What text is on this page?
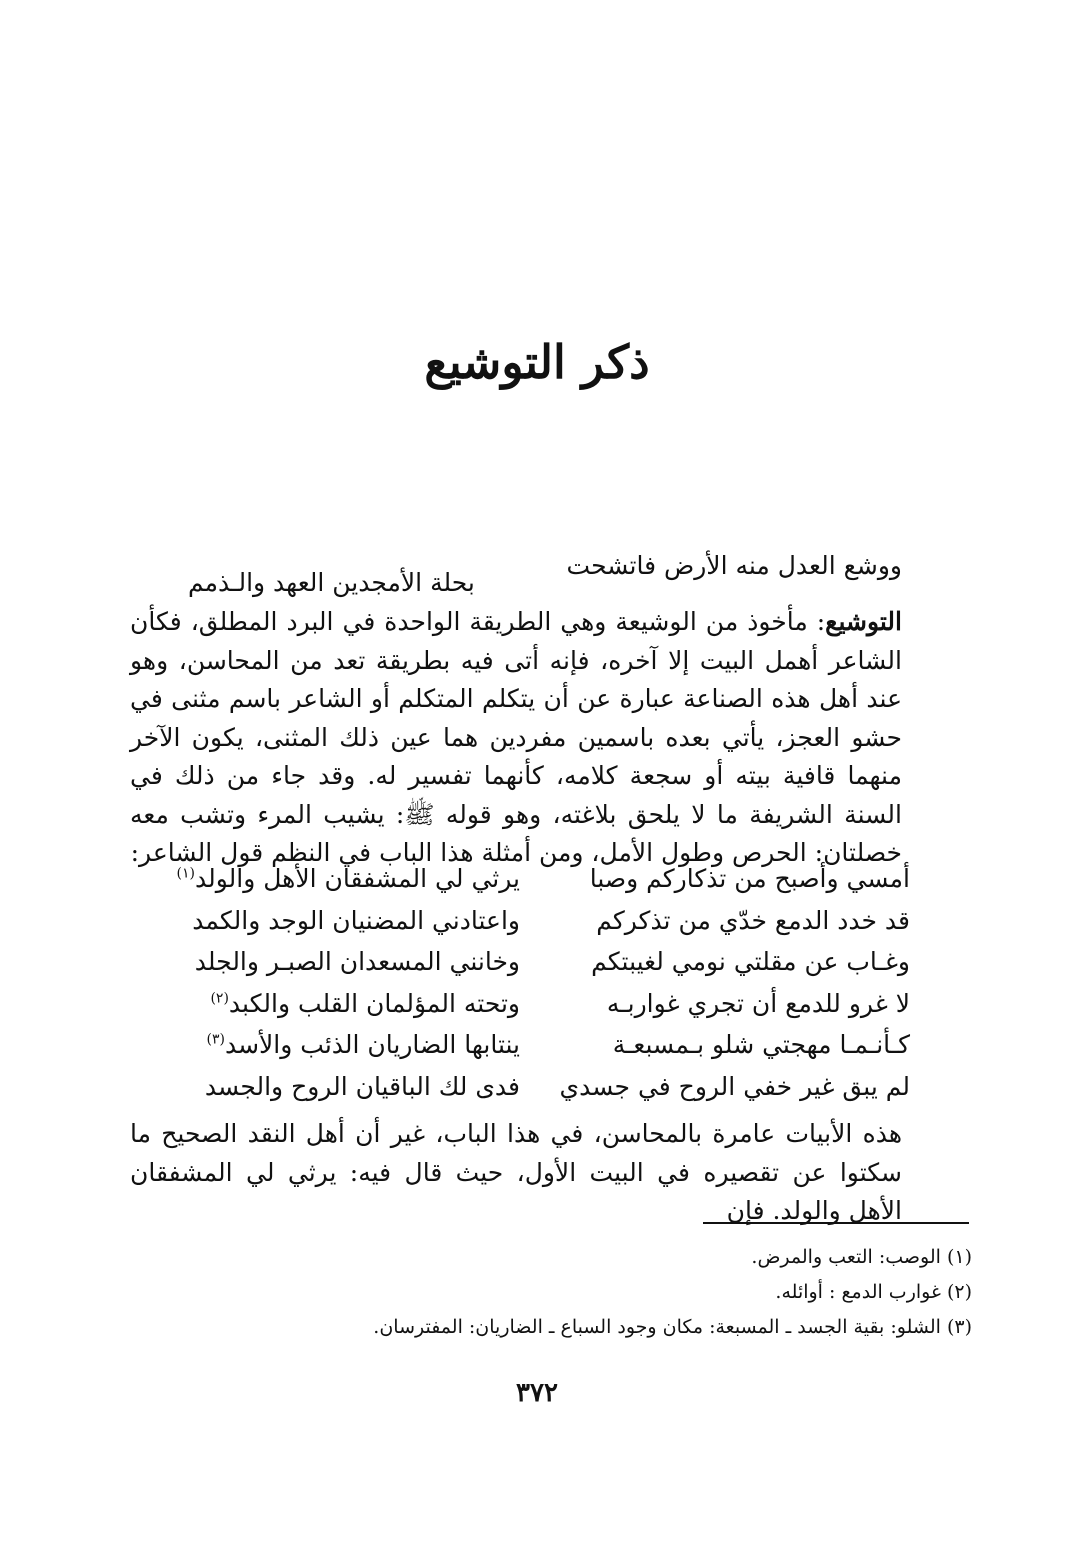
ذكر التوشيع
ووشع العدل منه الأرض فاتشحت
بحلة الأمجدين العهد والـذمم
التوشيع: مأخوذ من الوشيعة وهي الطريقة الواحدة في البرد المطلق، فكأن الشاعر أهمل البيت إلا آخره، فإنه أتى فيه بطريقة تعد من المحاسن، وهو عند أهل هذه الصناعة عبارة عن أن يتكلم المتكلم أو الشاعر باسم مثنى في حشو العجز، يأتي بعده باسمين مفردين هما عين ذلك المثنى، يكون الآخر منهما قافية بيته أو سجعة كلامه، كأنهما تفسير له. وقد جاء من ذلك في السنة الشريفة ما لا يلحق بلاغته، وهو قوله ﷺ: يشيب المرء وتشب معه خصلتان: الحرص وطول الأمل، ومن أمثلة هذا الباب في النظم قول الشاعر:
أمسي وأصبح من تذكاركم وصبا
يرثي لي المشفقان الأهل والولد$^{(١)}$
قد خدد الدمع خدّي من تذكركم
واعتادني المضنيان الوجد والكمد
وغـاب عن مقلتي نومي لغيبتكم
وخانني المسعدان الصبـر والجلد
لا غرو للدمع أن تجري غواربـه
وتحته المؤلمان القلب والكبد$^{(٢)}$
كـأنـمـا مهجتي شلو بـمسبعـة
ينتابها الضاريان الذئب والأسد$^{(٣)}$
لم يبق غير خفي الروح في جسدي
فدى لك الباقيان الروح والجسد
هذه الأبيات عامرة بالمحاسن، في هذا الباب، غير أن أهل النقد الصحيح ما سكتوا عن تقصيره في البيت الأول، حيث قال فيه: يرثي لي المشفقان الأهل والولد. فإن
(١) الوصب: التعب والمرض.
(٢) غوارب الدمع : أوائله.
(٣) الشلو: بقية الجسد ـ المسبعة: مكان وجود السباع ـ الضاريان: المفترسان.
٣٧٢
